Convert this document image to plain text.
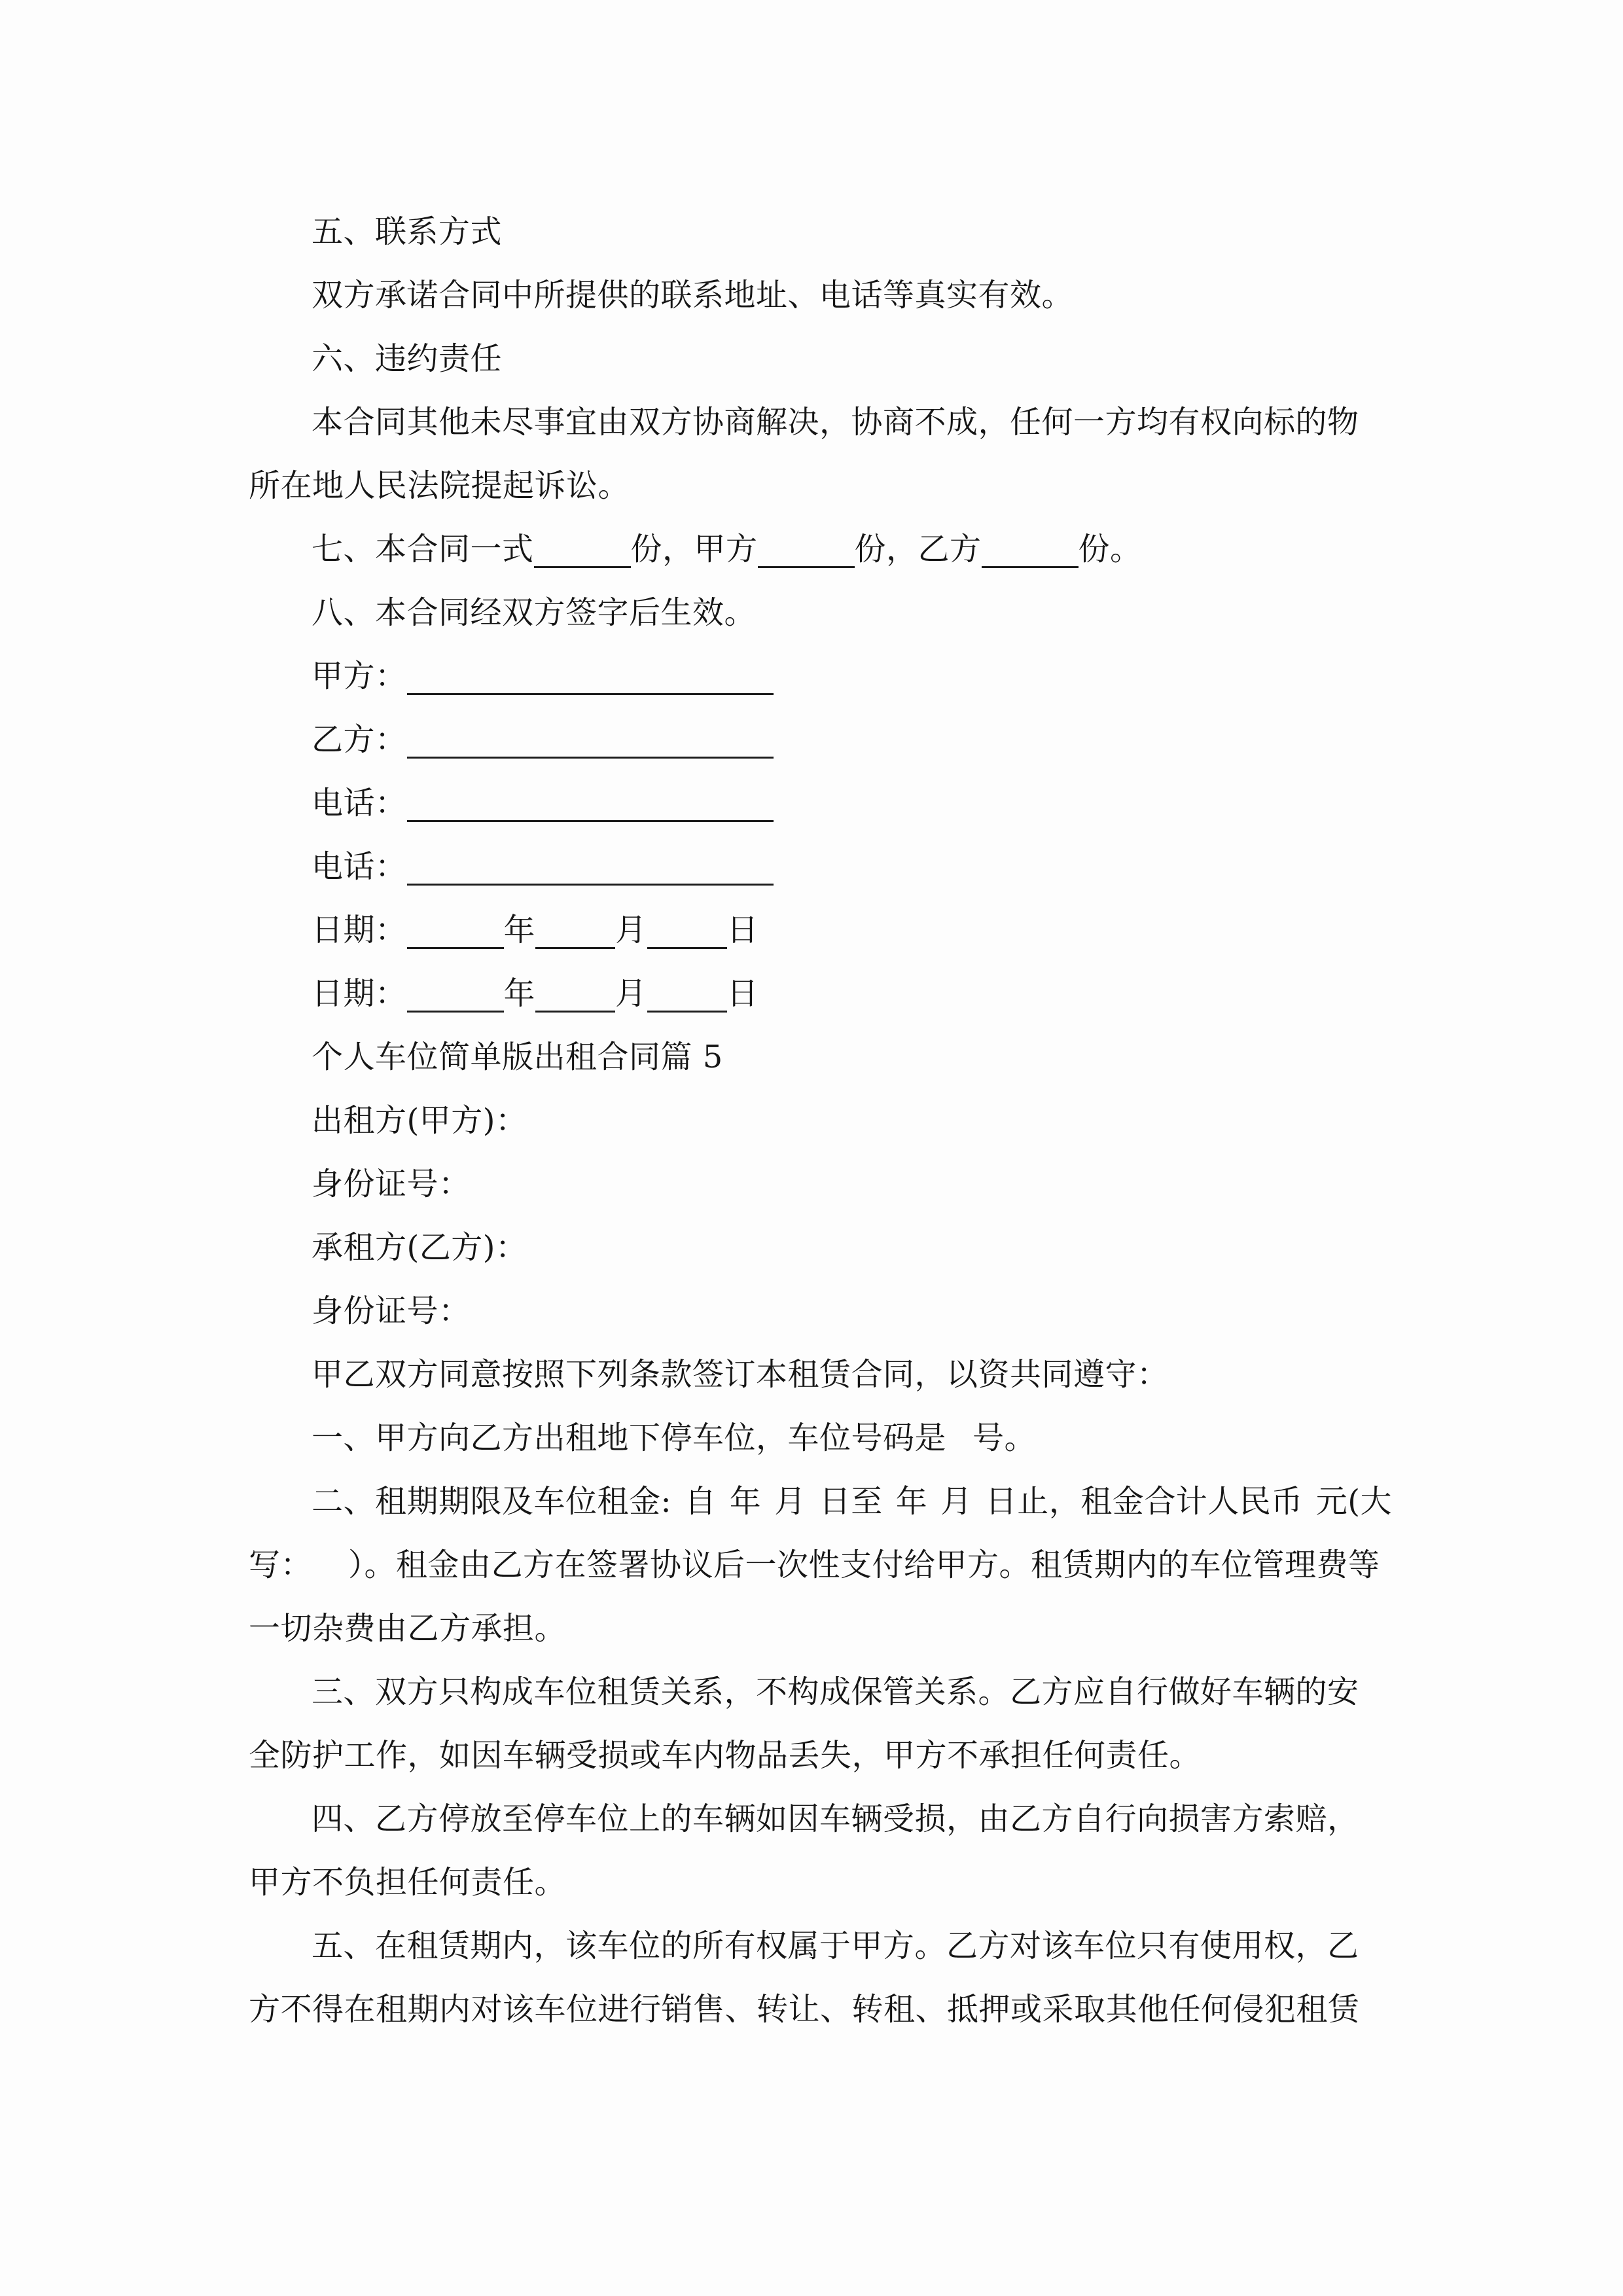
五、联系方式
双方承诺合同中所提供的联系地址、电话等真实有效。
六、违约责任
本合同其他未尽事宜由双方协商解决，协商不成，任何一方均有权向标的物
所在地人民法院提起诉讼。
七、本合同一式	份，甲方	份，乙方	份。
八、本合同经双方签字后生效。
甲方：
乙方：
电话：
电话：
日期：	年	月	日
日期：	年	月	日
个人车位简单版出租合同篇 5
出租方(甲方)：
身份证号：
承租方(乙方)：
身份证号：
甲乙双方同意按照下列条款签订本租赁合同，以资共同遵守：
一、甲方向乙方出租地下停车位，车位号码是 号。
二、租期期限及车位租金: 自 年 月 日至 年 月 日止，租金合计人民币 元(大
写： ）。租金由乙方在签署协议后一次性支付给甲方。租赁期内的车位管理费等
一切杂费由乙方承担。
三、双方只构成车位租赁关系，不构成保管关系。乙方应自行做好车辆的安
全防护工作，如因车辆受损或车内物品丢失，甲方不承担任何责任。
四、乙方停放至停车位上的车辆如因车辆受损，由乙方自行向损害方索赔，
甲方不负担任何责任。
五、在租赁期内，该车位的所有权属于甲方。乙方对该车位只有使用权，乙
方不得在租期内对该车位进行销售、转让、转租、抵押或采取其他任何侵犯租赁
